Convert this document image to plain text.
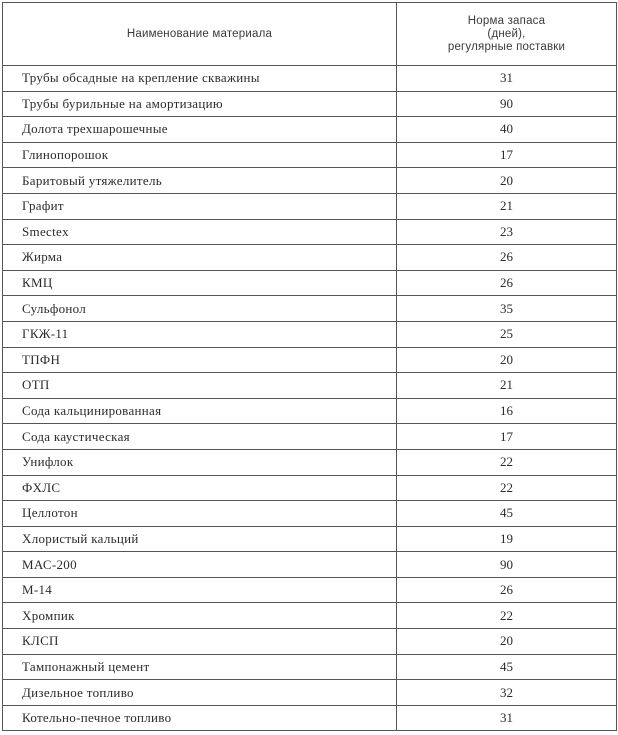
Наименование материала	Норма запаса
(дней),
регулярные поставки

Трубы обсадные на крепление скважины	31
Трубы бурильные на амортизацию	90
Долота трехшарошечные	40
Глинопорошок	17
Баритовый утяжелитель	20
Графит	21
Smectex	23
Жирма	26
КМЦ	26
Сульфонол	35
ГКЖ-11	25
ТПФН	20
ОТП	21
Сода кальцинированная	16
Сода каустическая	17
Унифлок	22
ФХЛС	22
Целлотон	45
Хлористый кальций	19
МАС-200	90
М-14	26
Хромпик	22
КЛСП	20
Тампонажный цемент	45
Дизельное топливо	32
Котельно-печное топливо	31
